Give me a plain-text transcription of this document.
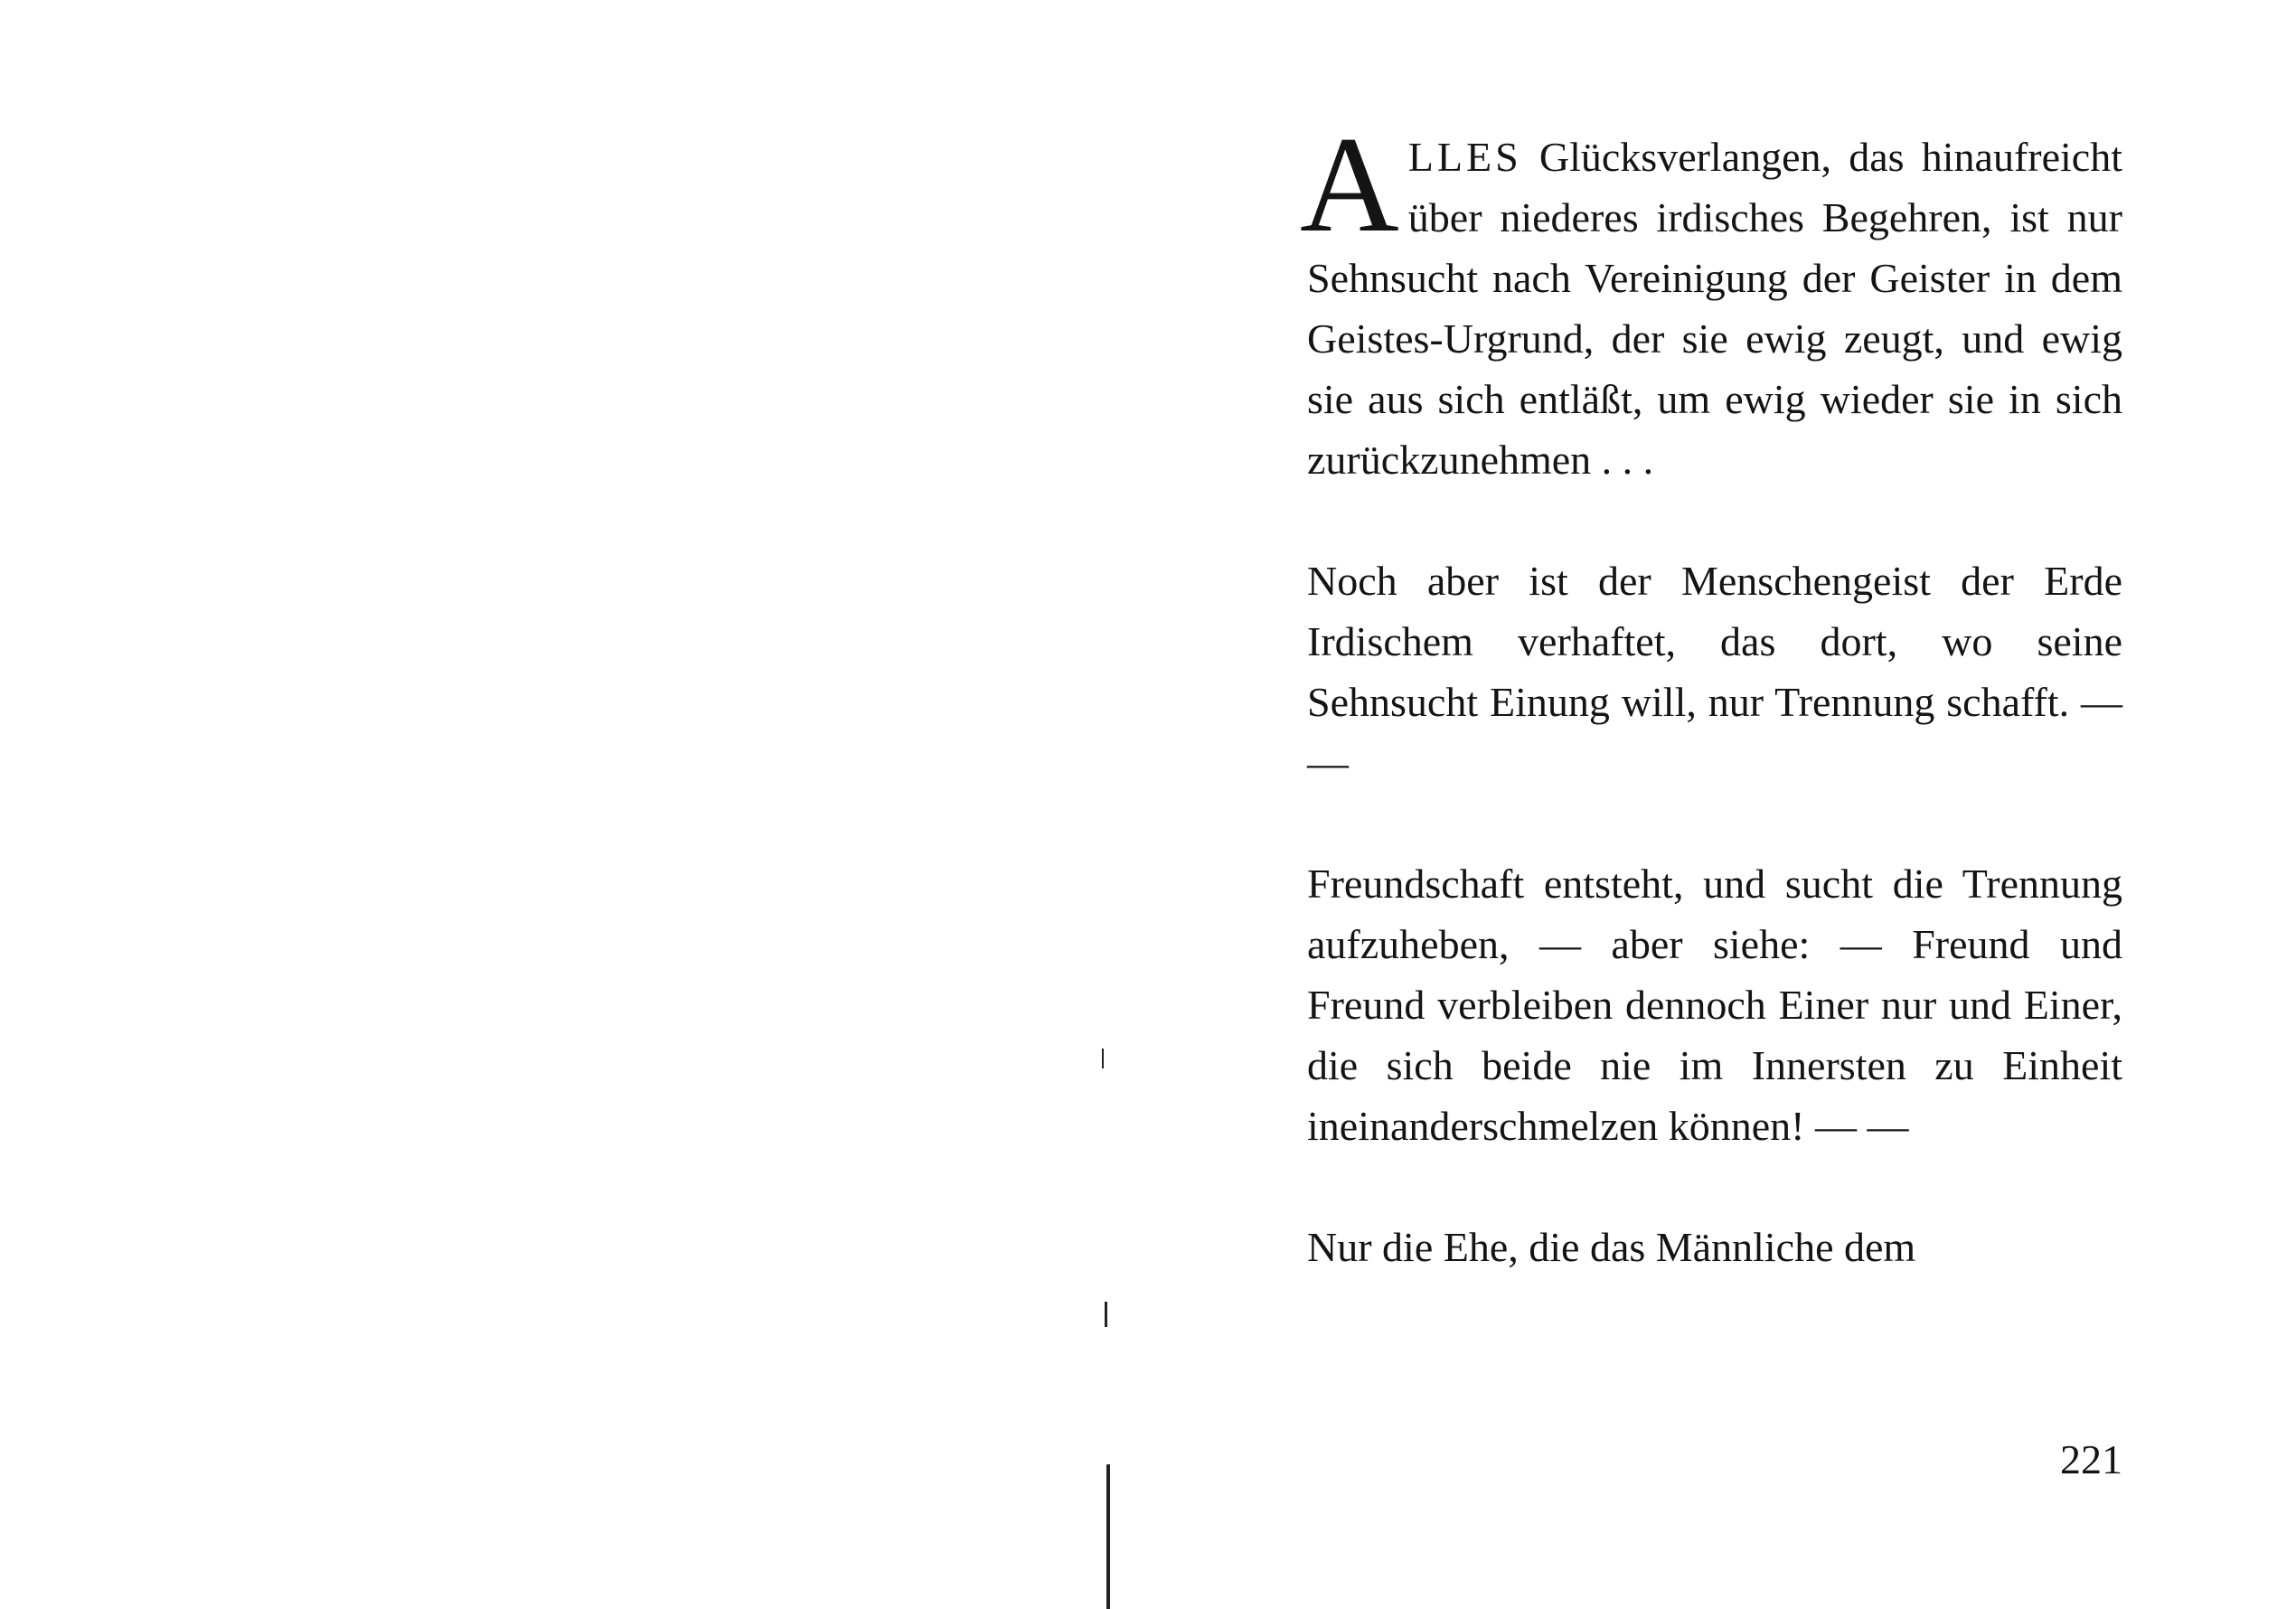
ALLES Glücksverlangen, das hinaufreicht über niederes irdisches Begehren, ist nur Sehnsucht nach Vereinigung der Geister in dem Geistes-Urgrund, der sie ewig zeugt, und ewig sie aus sich entläßt, um ewig wieder sie in sich zurückzunehmen . . .

Noch aber ist der Menschengeist der Erde Irdischem verhaftet, das dort, wo seine Sehnsucht Einung will, nur Trennung schafft. — —

Freundschaft entsteht, und sucht die Trennung aufzuheben, — aber siehe: — Freund und Freund verbleiben dennoch Einer nur und Einer, die sich beide nie im Innersten zu Einheit ineinanderschmelzen können! — —

Nur die Ehe, die das Männliche dem

221
